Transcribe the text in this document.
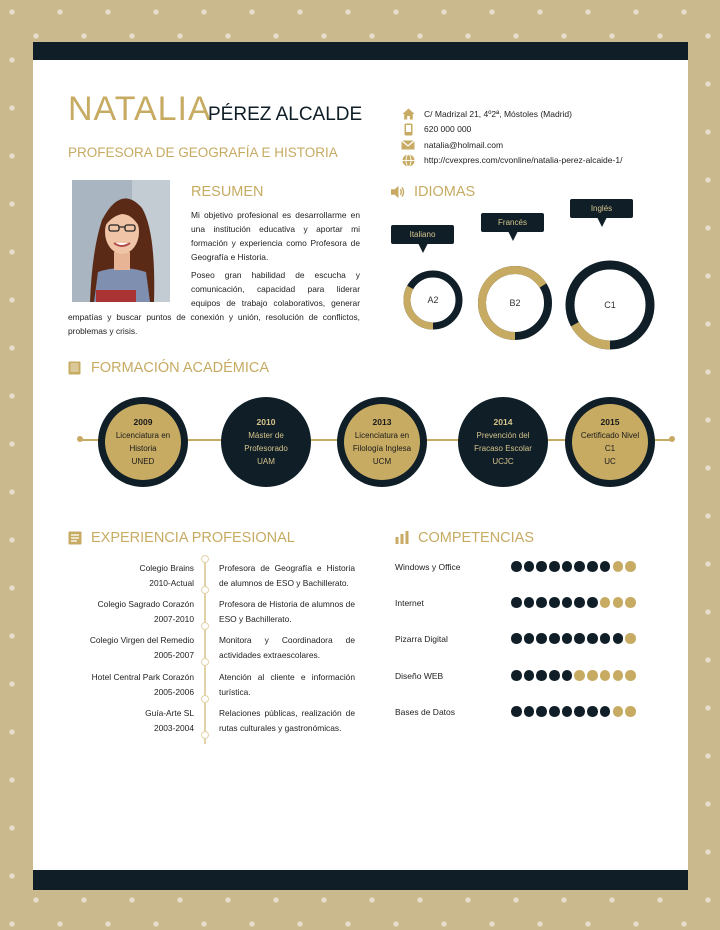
NATALIA
PÉREZ ALCALDE
PROFESORA DE GEOGRAFÍA E HISTORIA
C/ Madrizal 21, 4º2ª, Móstoles (Madrid)
620 000 000
natalia@holmail.com
http://cvexpres.com/cvonline/natalia-perez-alcaide-1/
RESUMEN

Mi objetivo profesional es desarrollarme en una institución educativa y aportar mi formación y experiencia como Profesora de Geografía e Historia.

Poseo gran habilidad de escucha y comunicación, capacidad para liderar equipos de trabajo colaborativos, generar empatías y buscar puntos de conexión y unión, resolución de conflictos, problemas y crisis.

IDIOMAS
Italiano
Francés
Inglés
A2	B2	C1
FORMACIÓN ACADÉMICA
2009
Licenciatura en
Historia
UNED
2010
Máster de
Profesorado
UAM
2013
Licenciatura en
Filología Inglesa
UCM
2014
Prevención del
Fracaso Escolar
UCJC
2015
Certificado Nivel
C1
UC
EXPERIENCIA PROFESIONAL
Colegio Brains
2010-Actual
Profesora de Geografía e Historia de alumnos de ESO y Bachillerato.
Colegio Sagrado Corazón
2007-2010
Profesora de Historia de alumnos de ESO y Bachillerato.
Colegio Virgen del Remedio
2005-2007
Monitora y Coordinadora de actividades extraescolares.
Hotel Central Park Corazón
2005-2006
Atención al cliente e información turística.
Guía-Arte SL
2003-2004
Relaciones públicas, realización de rutas culturales y gastronómicas.
COMPETENCIAS
Windows y Office
Internet
Pizarra Digital
Diseño WEB
Bases de Datos
